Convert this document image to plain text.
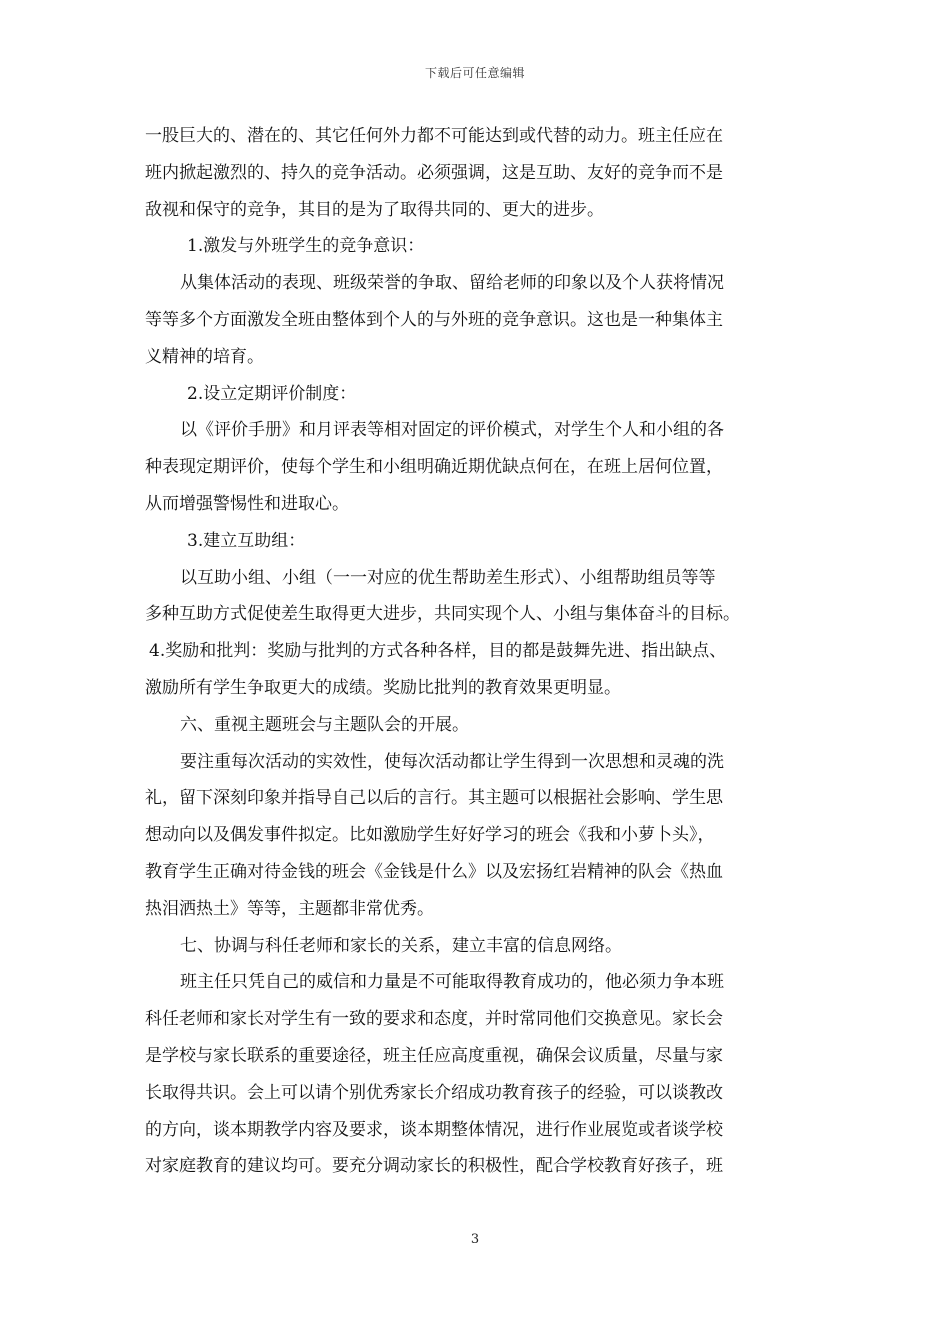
下载后可任意编辑
一股巨大的、潜在的、其它任何外力都不可能达到或代替的动力。班主任应在
班内掀起激烈的、持久的竞争活动。必须强调，这是互助、友好的竞争而不是
敌视和保守的竞争，其目的是为了取得共同的、更大的进步。
1.激发与外班学生的竞争意识：
从集体活动的表现、班级荣誉的争取、留给老师的印象以及个人获将情况
等等多个方面激发全班由整体到个人的与外班的竞争意识。这也是一种集体主
义精神的培育。
2.设立定期评价制度：
以《评价手册》和月评表等相对固定的评价模式，对学生个人和小组的各
种表现定期评价，使每个学生和小组明确近期优缺点何在，在班上居何位置，
从而增强警惕性和进取心。
3.建立互助组：
以互助小组、小组（一一对应的优生帮助差生形式）、小组帮助组员等等
多种互助方式促使差生取得更大进步，共同实现个人、小组与集体奋斗的目标。
4.奖励和批判：奖励与批判的方式各种各样，目的都是鼓舞先进、指出缺点、
激励所有学生争取更大的成绩。奖励比批判的教育效果更明显。
六、重视主题班会与主题队会的开展。
要注重每次活动的实效性，使每次活动都让学生得到一次思想和灵魂的洗
礼，留下深刻印象并指导自己以后的言行。其主题可以根据社会影响、学生思
想动向以及偶发事件拟定。比如激励学生好好学习的班会《我和小萝卜头》，
教育学生正确对待金钱的班会《金钱是什么》以及宏扬红岩精神的队会《热血
热泪洒热土》等等，主题都非常优秀。
七、协调与科任老师和家长的关系，建立丰富的信息网络。
班主任只凭自己的威信和力量是不可能取得教育成功的，他必须力争本班
科任老师和家长对学生有一致的要求和态度，并时常同他们交换意见。家长会
是学校与家长联系的重要途径，班主任应高度重视，确保会议质量，尽量与家
长取得共识。会上可以请个别优秀家长介绍成功教育孩子的经验，可以谈教改
的方向，谈本期教学内容及要求，谈本期整体情况，进行作业展览或者谈学校
对家庭教育的建议均可。要充分调动家长的积极性，配合学校教育好孩子，班
3
